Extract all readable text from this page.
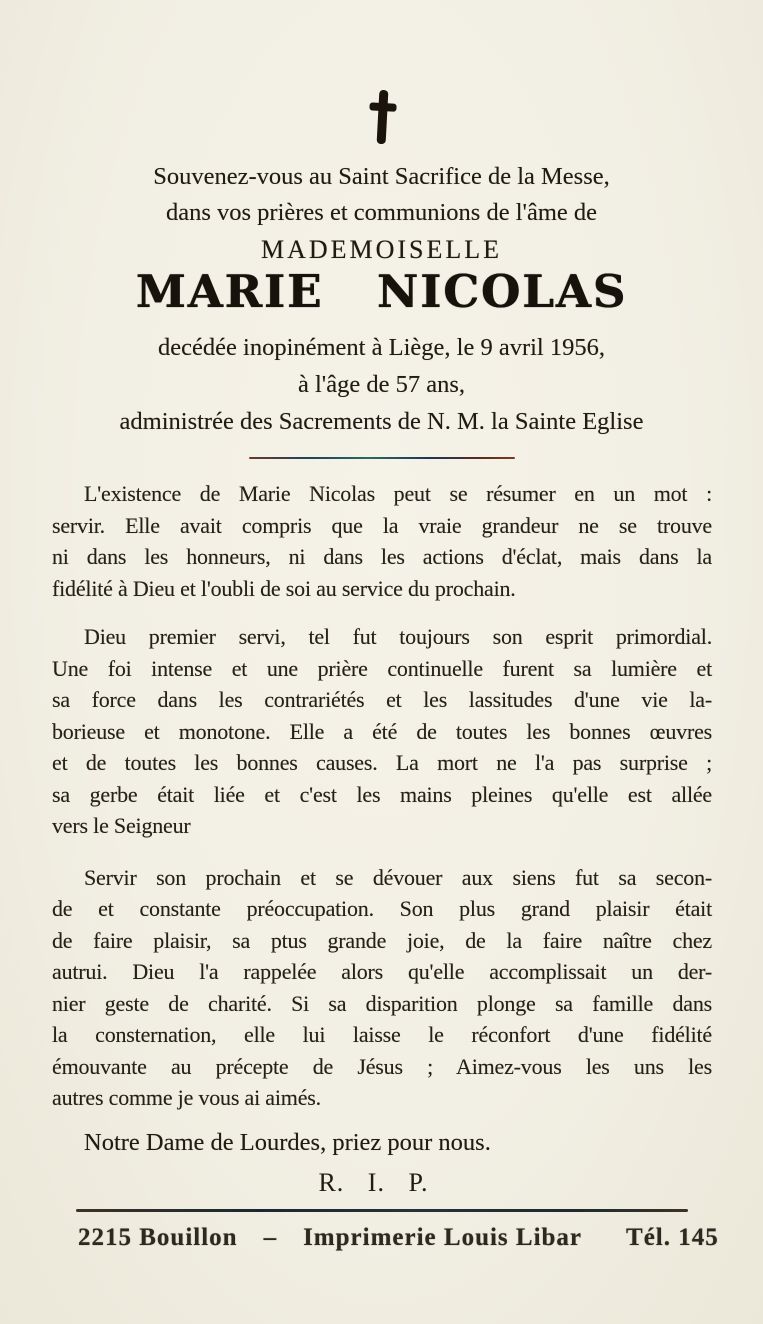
Souvenez-vous au Saint Sacrifice de la Messe,
dans vos prières et communions de l'âme de
MADEMOISELLE
MARIE NICOLAS
decédée inopinément à Liège, le 9 avril 1956,
à l'âge de 57 ans,
administrée des Sacrements de N. M. la Sainte Eglise
L'existence de Marie Nicolas peut se résumer en un mot :
servir. Elle avait compris que la vraie grandeur ne se trouve
ni dans les honneurs, ni dans les actions d'éclat, mais dans la
fidélité à Dieu et l'oubli de soi au service du prochain.
Dieu premier servi, tel fut toujours son esprit primordial.
Une foi intense et une prière continuelle furent sa lumière et
sa force dans les contrariétés et les lassitudes d'une vie la-
borieuse et monotone. Elle a été de toutes les bonnes œuvres
et de toutes les bonnes causes. La mort ne l'a pas surprise ;
sa gerbe était liée et c'est les mains pleines qu'elle est allée
vers le Seigneur
Servir son prochain et se dévouer aux siens fut sa secon-
de et constante préoccupation. Son plus grand plaisir était
de faire plaisir, sa ptus grande joie, de la faire naître chez
autrui. Dieu l'a rappelée alors qu'elle accomplissait un der-
nier geste de charité. Si sa disparition plonge sa famille dans
la consternation, elle lui laisse le réconfort d'une fidélité
émouvante au précepte de Jésus ; Aimez-vous les uns les
autres comme je vous ai aimés.
Notre Dame de Lourdes, priez pour nous.
R. I. P.
2215 Bouillon – Imprimerie Louis Libar Tél. 145
